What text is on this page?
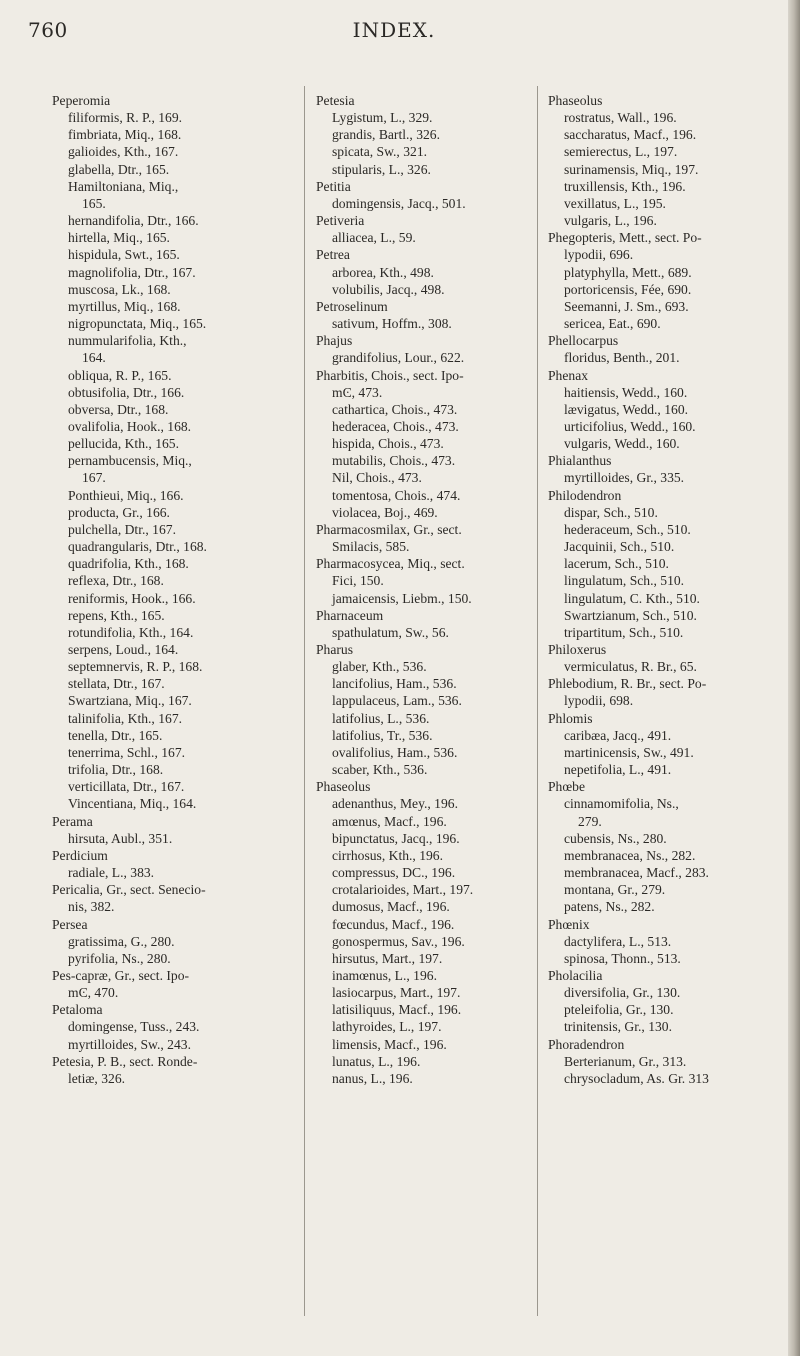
760	INDEX.
Peperomia
filiformis, R. P., 169.
fimbriata, Miq., 168.
galioides, Kth., 167.
glabella, Dtr., 165.
Hamiltoniana, Miq.,
165.
hernandifolia, Dtr., 166.
hirtella, Miq., 165.
hispidula, Swt., 165.
magnolifolia, Dtr., 167.
muscosa, Lk., 168.
myrtillus, Miq., 168.
nigropunctata, Miq., 165.
nummularifolia, Kth.,
164.
obliqua, R. P., 165.
obtusifolia, Dtr., 166.
obversa, Dtr., 168.
ovalifolia, Hook., 168.
pellucida, Kth., 165.
pernambucensis, Miq.,
167.
Ponthieui, Miq., 166.
producta, Gr., 166.
pulchella, Dtr., 167.
quadrangularis, Dtr., 168.
quadrifolia, Kth., 168.
reflexa, Dtr., 168.
reniformis, Hook., 166.
repens, Kth., 165.
rotundifolia, Kth., 164.
serpens, Loud., 164.
septemnervis, R. P., 168.
stellata, Dtr., 167.
Swartziana, Miq., 167.
talinifolia, Kth., 167.
tenella, Dtr., 165.
tenerrima, Schl., 167.
trifolia, Dtr., 168.
verticillata, Dtr., 167.
Vincentiana, Miq., 164.
Perama
hirsuta, Aubl., 351.
Perdicium
radiale, L., 383.
Pericalia, Gr., sect. Senecio-
nis, 382.
Persea
gratissima, G., 280.
pyrifolia, Ns., 280.
Pes-capræ, Gr., sect. Ipo-
mϾ, 470.
Petaloma
domingense, Tuss., 243.
myrtilloides, Sw., 243.
Petesia, P. B., sect. Ronde-
letiæ, 326.
Petesia
Lygistum, L., 329.
grandis, Bartl., 326.
spicata, Sw., 321.
stipularis, L., 326.
Petitia
domingensis, Jacq., 501.
Petiveria
alliacea, L., 59.
Petrea
arborea, Kth., 498.
volubilis, Jacq., 498.
Petroselinum
sativum, Hoffm., 308.
Phajus
grandifolius, Lour., 622.
Pharbitis, Chois., sect. Ipo-
mϾ, 473.
cathartica, Chois., 473.
hederacea, Chois., 473.
hispida, Chois., 473.
mutabilis, Chois., 473.
Nil, Chois., 473.
tomentosa, Chois., 474.
violacea, Boj., 469.
Pharmacosmilax, Gr., sect.
Smilacis, 585.
Pharmacosycea, Miq., sect.
Fici, 150.
jamaicensis, Liebm., 150.
Pharnaceum
spathulatum, Sw., 56.
Pharus
glaber, Kth., 536.
lancifolius, Ham., 536.
lappulaceus, Lam., 536.
latifolius, L., 536.
latifolius, Tr., 536.
ovalifolius, Ham., 536.
scaber, Kth., 536.
Phaseolus
adenanthus, Mey., 196.
amœnus, Macf., 196.
bipunctatus, Jacq., 196.
cirrhosus, Kth., 196.
compressus, DC., 196.
crotalarioides, Mart., 197.
dumosus, Macf., 196.
fœcundus, Macf., 196.
gonospermus, Sav., 196.
hirsutus, Mart., 197.
inamœnus, L., 196.
lasiocarpus, Mart., 197.
latisiliquus, Macf., 196.
lathyroides, L., 197.
limensis, Macf., 196.
lunatus, L., 196.
nanus, L., 196.
Phaseolus
rostratus, Wall., 196.
saccharatus, Macf., 196.
semierectus, L., 197.
surinamensis, Miq., 197.
truxillensis, Kth., 196.
vexillatus, L., 195.
vulgaris, L., 196.
Phegopteris, Mett., sect. Po-
lypodii, 696.
platyphylla, Mett., 689.
portoricensis, Fée, 690.
Seemanni, J. Sm., 693.
sericea, Eat., 690.
Phellocarpus
floridus, Benth., 201.
Phenax
haitiensis, Wedd., 160.
lævigatus, Wedd., 160.
urticifolius, Wedd., 160.
vulgaris, Wedd., 160.
Phialanthus
myrtilloides, Gr., 335.
Philodendron
dispar, Sch., 510.
hederaceum, Sch., 510.
Jacquinii, Sch., 510.
lacerum, Sch., 510.
lingulatum, Sch., 510.
lingulatum, C. Kth., 510.
Swartzianum, Sch., 510.
tripartitum, Sch., 510.
Philoxerus
vermiculatus, R. Br., 65.
Phlebodium, R. Br., sect. Po-
lypodii, 698.
Phlomis
caribæa, Jacq., 491.
martinicensis, Sw., 491.
nepetifolia, L., 491.
Phœbe
cinnamomifolia, Ns.,
279.
cubensis, Ns., 280.
membranacea, Ns., 282.
membranacea, Macf., 283.
montana, Gr., 279.
patens, Ns., 282.
Phœnix
dactylifera, L., 513.
spinosa, Thonn., 513.
Pholacilia
diversifolia, Gr., 130.
pteleifolia, Gr., 130.
trinitensis, Gr., 130.
Phoradendron
Berterianum, Gr., 313.
chrysocladum, As. Gr. 313
